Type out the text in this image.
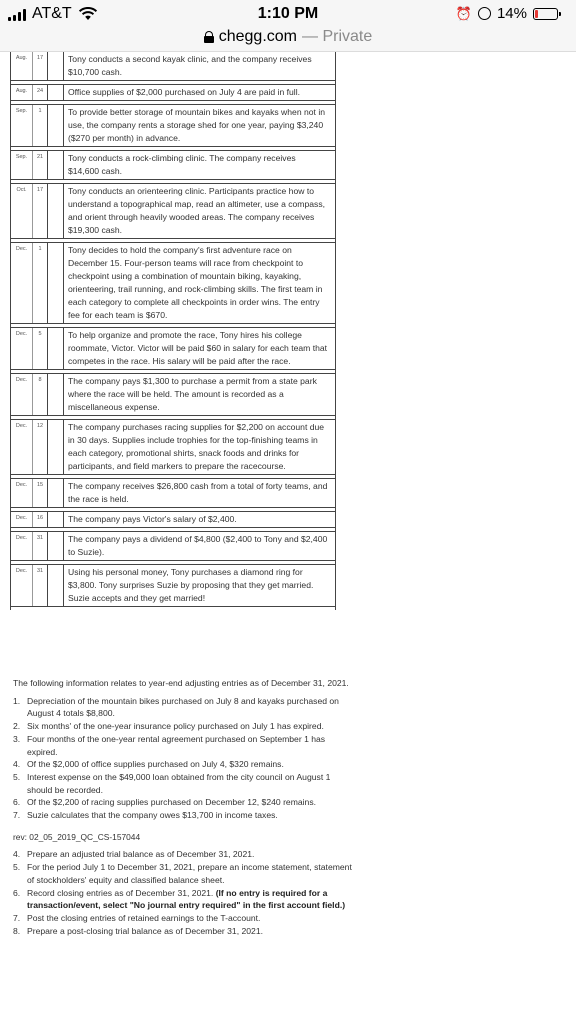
AT&T	1:10 PM	⏰ 14%
chegg.com — Private
Aug.	17	Tony conducts a second kayak clinic, and the company receives $10,700 cash.
Aug.	24	Office supplies of $2,000 purchased on July 4 are paid in full.
Sep.	1	To provide better storage of mountain bikes and kayaks when not in use, the company rents a storage shed for one year, paying $3,240 ($270 per month) in advance.
Sep.	21	Tony conducts a rock-climbing clinic. The company receives $14,600 cash.
Oct.	17	Tony conducts an orienteering clinic. Participants practice how to understand a topographical map, read an altimeter, use a compass, and orient through heavily wooded areas. The company receives $19,300 cash.
Dec.	1	Tony decides to hold the company's first adventure race on December 15. Four-person teams will race from checkpoint to checkpoint using a combination of mountain biking, kayaking, orienteering, trail running, and rock-climbing skills. The first team in each category to complete all checkpoints in order wins. The entry fee for each team is $670.
Dec.	5	To help organize and promote the race, Tony hires his college roommate, Victor. Victor will be paid $60 in salary for each team that competes in the race. His salary will be paid after the race.
Dec.	8	The company pays $1,300 to purchase a permit from a state park where the race will be held. The amount is recorded as a miscellaneous expense.
Dec.	12	The company purchases racing supplies for $2,200 on account due in 30 days. Supplies include trophies for the top-finishing teams in each category, promotional shirts, snack foods and drinks for participants, and field markers to prepare the racecourse.
Dec.	15	The company receives $26,800 cash from a total of forty teams, and the race is held.
Dec.	16	The company pays Victor's salary of $2,400.
Dec.	31	The company pays a dividend of $4,800 ($2,400 to Tony and $2,400 to Suzie).
Dec.	31	Using his personal money, Tony purchases a diamond ring for $3,800. Tony surprises Suzie by proposing that they get married. Suzie accepts and they get married!

The following information relates to year-end adjusting entries as of December 31, 2021.

1. Depreciation of the mountain bikes purchased on July 8 and kayaks purchased on August 4 totals $8,800.
2. Six months' of the one-year insurance policy purchased on July 1 has expired.
3. Four months of the one-year rental agreement purchased on September 1 has expired.
4. Of the $2,000 of office supplies purchased on July 4, $320 remains.
5. Interest expense on the $49,000 loan obtained from the city council on August 1 should be recorded.
6. Of the $2,200 of racing supplies purchased on December 12, $240 remains.
7. Suzie calculates that the company owes $13,700 in income taxes.

rev: 02_05_2019_QC_CS-157044

4. Prepare an adjusted trial balance as of December 31, 2021.
5. For the period July 1 to December 31, 2021, prepare an income statement, statement of stockholders' equity and classified balance sheet.
6. Record closing entries as of December 31, 2021. (If no entry is required for a transaction/event, select "No journal entry required" in the first account field.)
7. Post the closing entries of retained earnings to the T-account.
8. Prepare a post-closing trial balance as of December 31, 2021.
